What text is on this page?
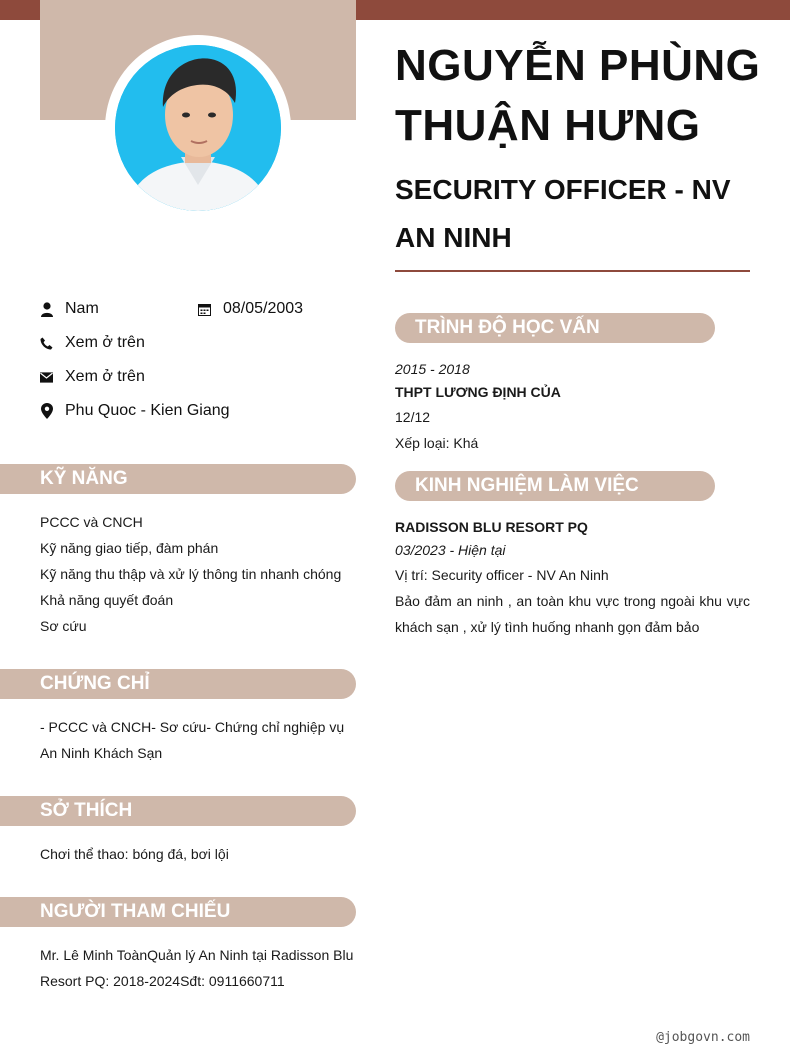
NGUYỄN PHÙNG THUẬN HƯNG
SECURITY OFFICER - NV AN NINH
Nam	08/05/2003
Xem ở trên
Xem ở trên
Phu Quoc - Kien Giang
KỸ NĂNG
PCCC và CNCH
Kỹ năng giao tiếp, đàm phán
Kỹ năng thu thập và xử lý thông tin nhanh chóng
Khả năng quyết đoán
Sơ cứu
CHỨNG CHỈ
- PCCC và CNCH- Sơ cứu- Chứng chỉ nghiệp vụ An Ninh Khách Sạn
SỞ THÍCH
Chơi thể thao: bóng đá, bơi lội
NGƯỜI THAM CHIẾU
Mr. Lê Minh ToànQuản lý An Ninh tại Radisson Blu Resort PQ: 2018-2024Sđt: 0911660711
TRÌNH ĐỘ HỌC VẤN
2015 - 2018
THPT LƯƠNG ĐỊNH CỦA
12/12
Xếp loại: Khá
KINH NGHIỆM LÀM VIỆC
RADISSON BLU RESORT PQ
03/2023 - Hiện tại
Vị trí: Security officer - NV An Ninh
Bảo đảm an ninh , an toàn khu vực trong ngoài khu vực khách sạn , xử lý tình huống nhanh gọn đảm bảo
@jobgovn.com
